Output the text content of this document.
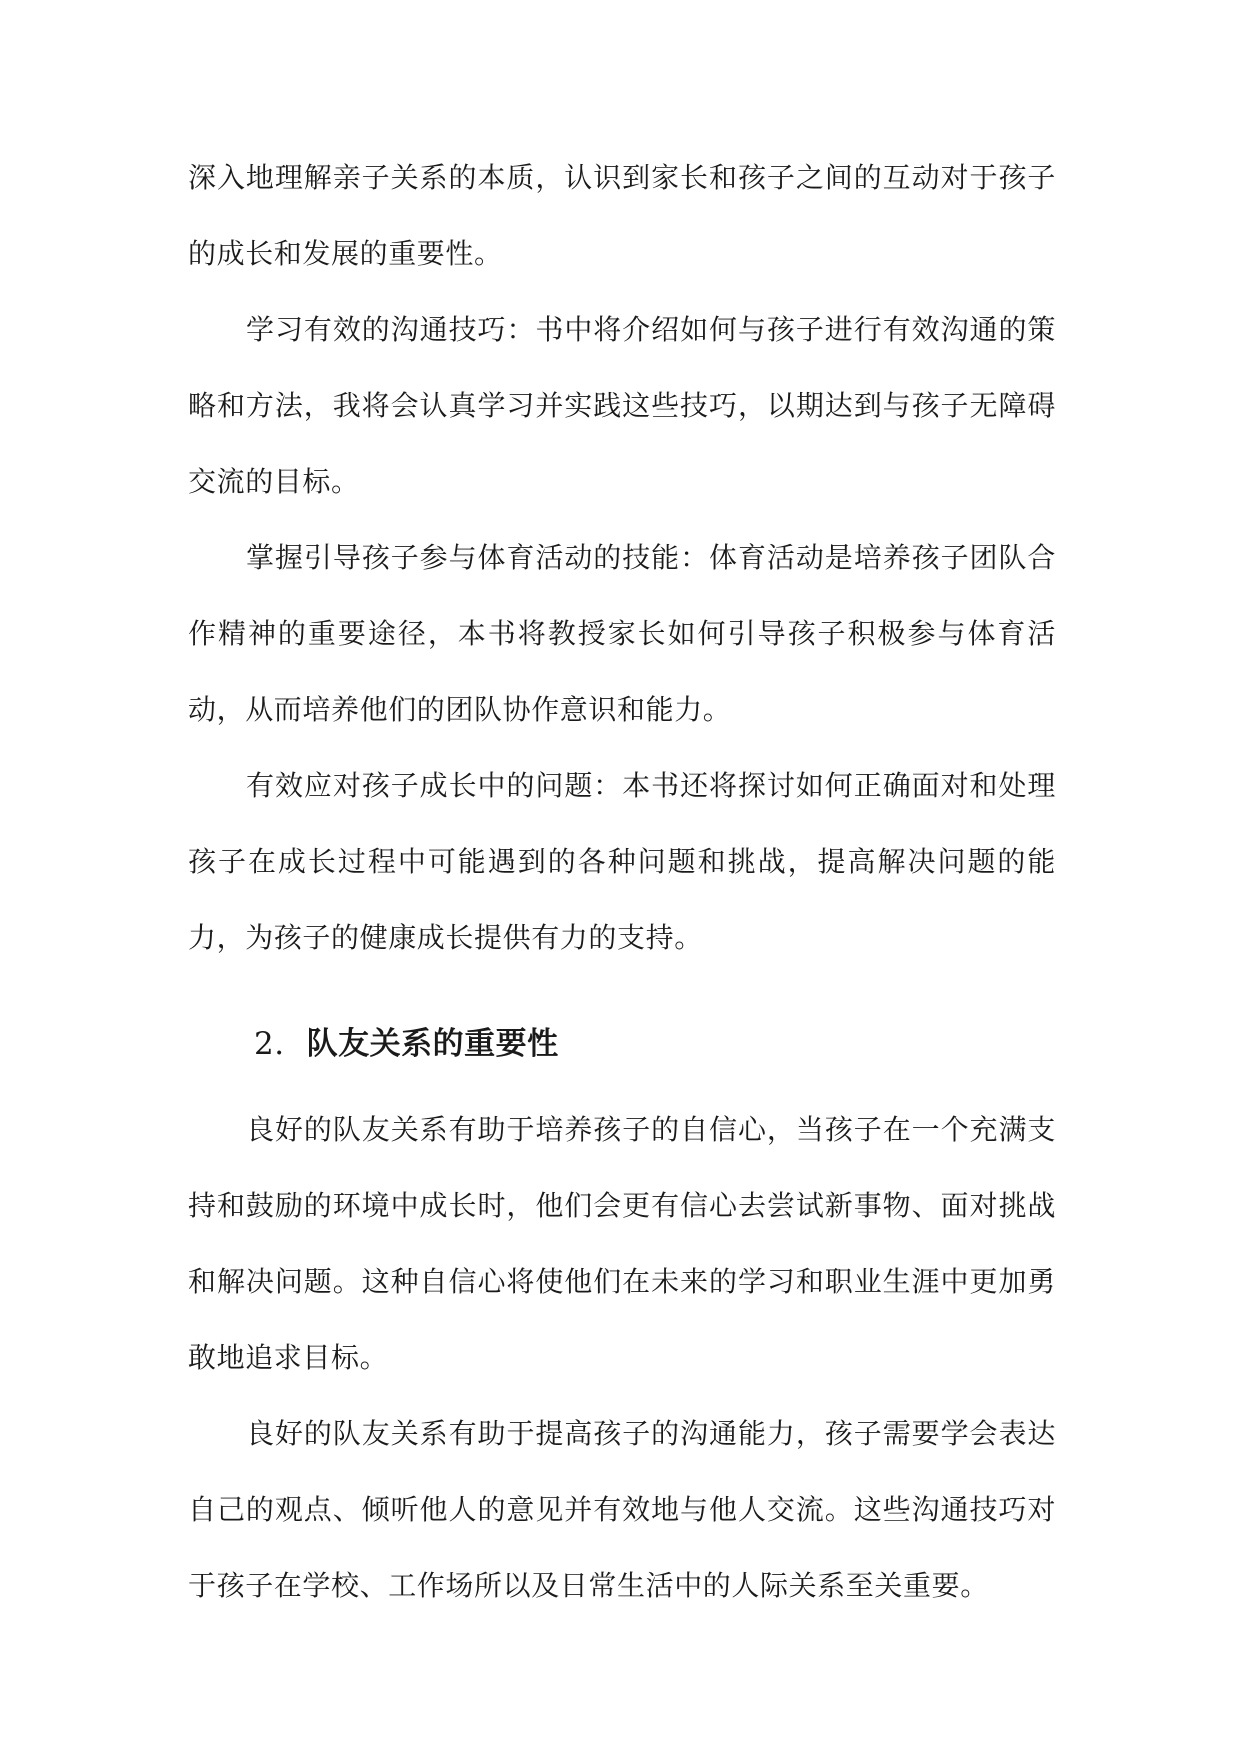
深入地理解亲子关系的本质，认识到家长和孩子之间的互动对于孩子的成长和发展的重要性。

学习有效的沟通技巧：书中将介绍如何与孩子进行有效沟通的策略和方法，我将会认真学习并实践这些技巧，以期达到与孩子无障碍交流的目标。

掌握引导孩子参与体育活动的技能：体育活动是培养孩子团队合作精神的重要途径，本书将教授家长如何引导孩子积极参与体育活动，从而培养他们的团队协作意识和能力。

有效应对孩子成长中的问题：本书还将探讨如何正确面对和处理孩子在成长过程中可能遇到的各种问题和挑战，提高解决问题的能力，为孩子的健康成长提供有力的支持。

2. 队友关系的重要性

良好的队友关系有助于培养孩子的自信心，当孩子在一个充满支持和鼓励的环境中成长时，他们会更有信心去尝试新事物、面对挑战和解决问题。这种自信心将使他们在未来的学习和职业生涯中更加勇敢地追求目标。

良好的队友关系有助于提高孩子的沟通能力，孩子需要学会表达自己的观点、倾听他人的意见并有效地与他人交流。这些沟通技巧对于孩子在学校、工作场所以及日常生活中的人际关系至关重要。
